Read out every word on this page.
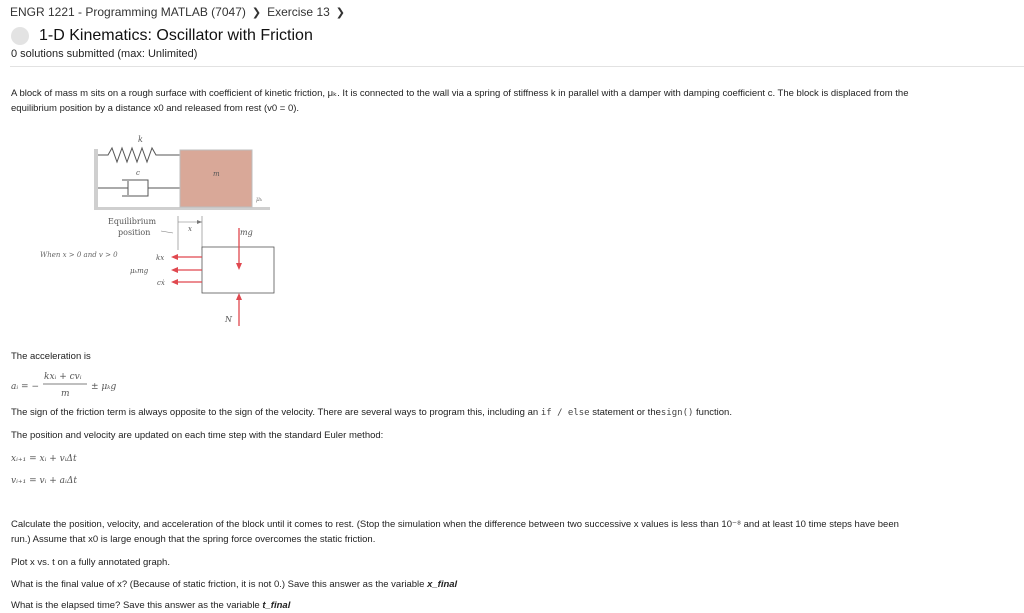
ENGR 1221 - Programming MATLAB (7047) ❯ Exercise 13 ❯
1-D Kinematics: Oscillator with Friction
0 solutions submitted (max: Unlimited)
A block of mass m sits on a rough surface with coefficient of kinetic friction, μₖ. It is connected to the wall via a spring of stiffness k in parallel with a damper with damping coefficient c. The block is displaced from the
equilibrium position by a distance x0 and released from rest (v0 = 0).
k
c	m
μₖ
Equilibrium
position	x
When x > 0 and v > 0
mg
N
kx
μₖmg
cẋ
The acceleration is
aᵢ = −
kxᵢ + cvᵢ
m
± μₖg
The sign of the friction term is always opposite to the sign of the velocity. There are several ways to program this, including an if / else statement or thesign() function.
The position and velocity are updated on each time step with the standard Euler method:
xᵢ₊₁ = xᵢ + vᵢΔt
vᵢ₊₁ = vᵢ + aᵢΔt
Calculate the position, velocity, and acceleration of the block until it comes to rest. (Stop the simulation when the difference between two successive x values is less than 10⁻⁸ and at least 10 time steps have been
run.) Assume that x0 is large enough that the spring force overcomes the static friction.
Plot x vs. t on a fully annotated graph.
What is the final value of x? (Because of static friction, it is not 0.) Save this answer as the variable x_final
What is the elapsed time? Save this answer as the variable t_final
